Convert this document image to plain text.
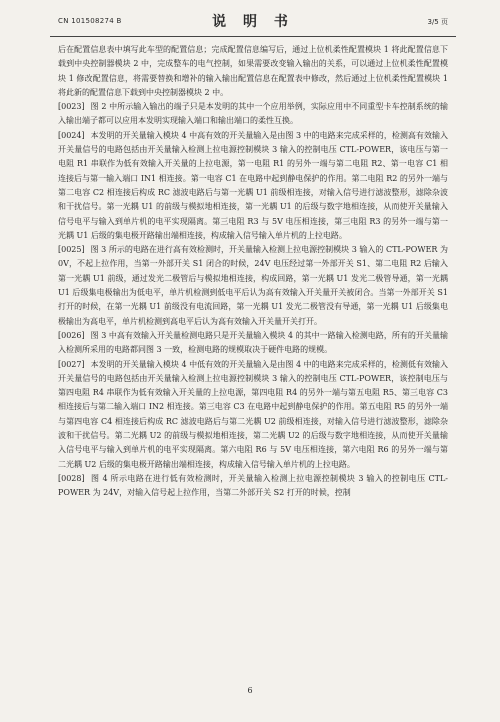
CN 101508274 B	说 明 书	3/5 页

后在配置信息表中填写此车型的配置信息；完成配置信息编写后，通过上位机柔性配置模块 1 将此配置信息下载到中央控制器模块 2 中，完成整车的电气控制，如果需要改变输入输出的关系，可以通过上位机柔性配置模块 1 修改配置信息，将需要替换和增补的输入输出配置信息在配置表中修改，然后通过上位机柔性配置模块 1 将此新的配置信息下载到中央控制器模块 2 中。

[0023] 图 2 中所示输入输出的端子只是本发明的其中一个应用举例，实际应用中不同重型卡车控制系统的输入输出端子都可以应用本发明实现输入端口和输出端口的柔性互换。

[0024] 本发明的开关量输入模块 4 中高有效的开关量输入是由图 3 中的电路来完成采样的，检测高有效输入开关量信号的电路包括由开关量输入检测上拉电源控制模块 3 输入的控制电压 CTL-POWER，该电压与第一电阻 R1 串联作为低有效输入开关量的上拉电源，第一电阻 R1 的另外一端与第二电阻 R2、第一电容 C1 相连接后与第一输入端口 IN1 相连接。第一电容 C1 在电路中起到静电保护的作用。第二电阻 R2 的另外一端与第二电容 C2 相连接后构成 RC 滤波电路后与第一光耦 U1 前级相连接，对输入信号进行滤波整形，滤除杂波和干扰信号。第一光耦 U1 的前级与模拟地相连接，第一光耦 U1 的后级与数字地相连接，从而使开关量输入信号电平与输入到单片机的电平实现隔离。第三电阻 R3 与 5V 电压相连接，第三电阻 R3 的另外一端与第一光耦 U1 后级的集电极开路输出端相连接，构成输入信号输入单片机的上拉电路。

[0025] 图 3 所示的电路在进行高有效检测时，开关量输入检测上拉电源控制模块 3 输入的 CTL-POWER 为 0V，不起上拉作用，当第一外部开关 S1 闭合的时候，24V 电压经过第一外部开关 S1、第二电阻 R2 后输入第一光耦 U1 前级，通过发光二极管后与模拟地相连接，构成回路，第一光耦 U1 发光二极管导通，第一光耦 U1 后级集电极输出为低电平，单片机检测到低电平后认为高有效输入开关量开关被闭合。当第一外部开关 S1 打开的时候，在第一光耦 U1 前级没有电流回路，第一光耦 U1 发光二极管没有导通，第一光耦 U1 后级集电极输出为高电平，单片机检测到高电平后认为高有效输入开关量开关打开。

[0026] 图 3 中高有效输入开关量检测电路只是开关量输入模块 4 的其中一路输入检测电路，所有的开关量输入检测所采用的电路都同图 3 一致，检测电路的规模取决于硬件电路的规模。

[0027] 本发明的开关量输入模块 4 中低有效的开关量输入是由图 4 中的电路来完成采样的，检测低有效输入开关量信号的电路包括由开关量输入检测上拉电源控制模块 3 输入的控制电压 CTL-POWER，该控制电压与第四电阻 R4 串联作为低有效输入开关量的上拉电源，第四电阻 R4 的另外一端与第五电阻 R5、第三电容 C3 相连接后与第二输入端口 IN2 相连接。第三电容 C3 在电路中起到静电保护的作用。第五电阻 R5 的另外一端与第四电容 C4 相连接后构成 RC 滤波电路后与第二光耦 U2 前级相连接，对输入信号进行滤波整形，滤除杂波和干扰信号。第二光耦 U2 的前级与模拟地相连接，第二光耦 U2 的后级与数字地相连接，从而使开关量输入信号电平与输入到单片机的电平实现隔离。第六电阻 R6 与 5V 电压相连接，第六电阻 R6 的另外一端与第二光耦 U2 后级的集电极开路输出端相连接，构成输入信号输入单片机的上拉电路。

[0028] 图 4 所示电路在进行低有效检测时，开关量输入检测上拉电源控制模块 3 输入的控制电压 CTL-POWER 为 24V，对输入信号起上拉作用，当第二外部开关 S2 打开的时候，控制

6
